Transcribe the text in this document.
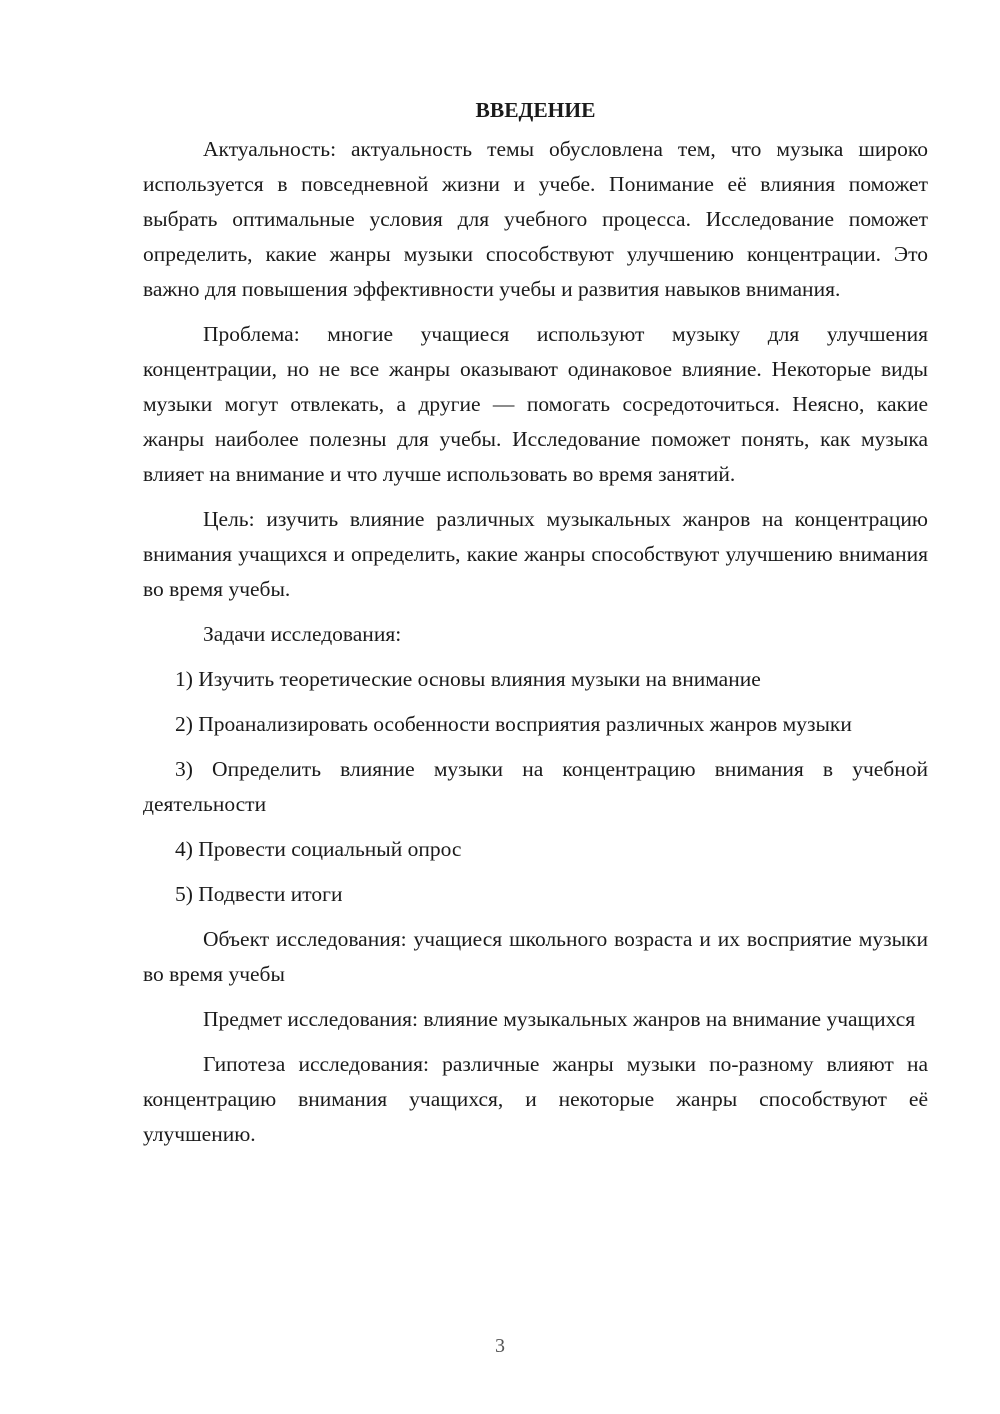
ВВЕДЕНИЕ

Актуальность: актуальность темы обусловлена тем, что музыка широко используется в повседневной жизни и учебе. Понимание её влияния поможет выбрать оптимальные условия для учебного процесса. Исследование поможет определить, какие жанры музыки способствуют улучшению концентрации. Это важно для повышения эффективности учебы и развития навыков внимания.

Проблема: многие учащиеся используют музыку для улучшения концентрации, но не все жанры оказывают одинаковое влияние. Некоторые виды музыки могут отвлекать, а другие — помогать сосредоточиться. Неясно, какие жанры наиболее полезны для учебы. Исследование поможет понять, как музыка влияет на внимание и что лучше использовать во время занятий.

Цель: изучить влияние различных музыкальных жанров на концентрацию внимания учащихся и определить, какие жанры способствуют улучшению внимания во время учебы.

Задачи исследования:

1) Изучить теоретические основы влияния музыки на внимание

2) Проанализировать особенности восприятия различных жанров музыки

3) Определить влияние музыки на концентрацию внимания в учебной деятельности

4) Провести социальный опрос

5) Подвести итоги

Объект исследования: учащиеся школьного возраста и их восприятие музыки во время учебы

Предмет исследования: влияние музыкальных жанров на внимание учащихся

Гипотеза исследования: различные жанры музыки по-разному влияют на концентрацию внимания учащихся, и некоторые жанры способствуют её улучшению.

3
